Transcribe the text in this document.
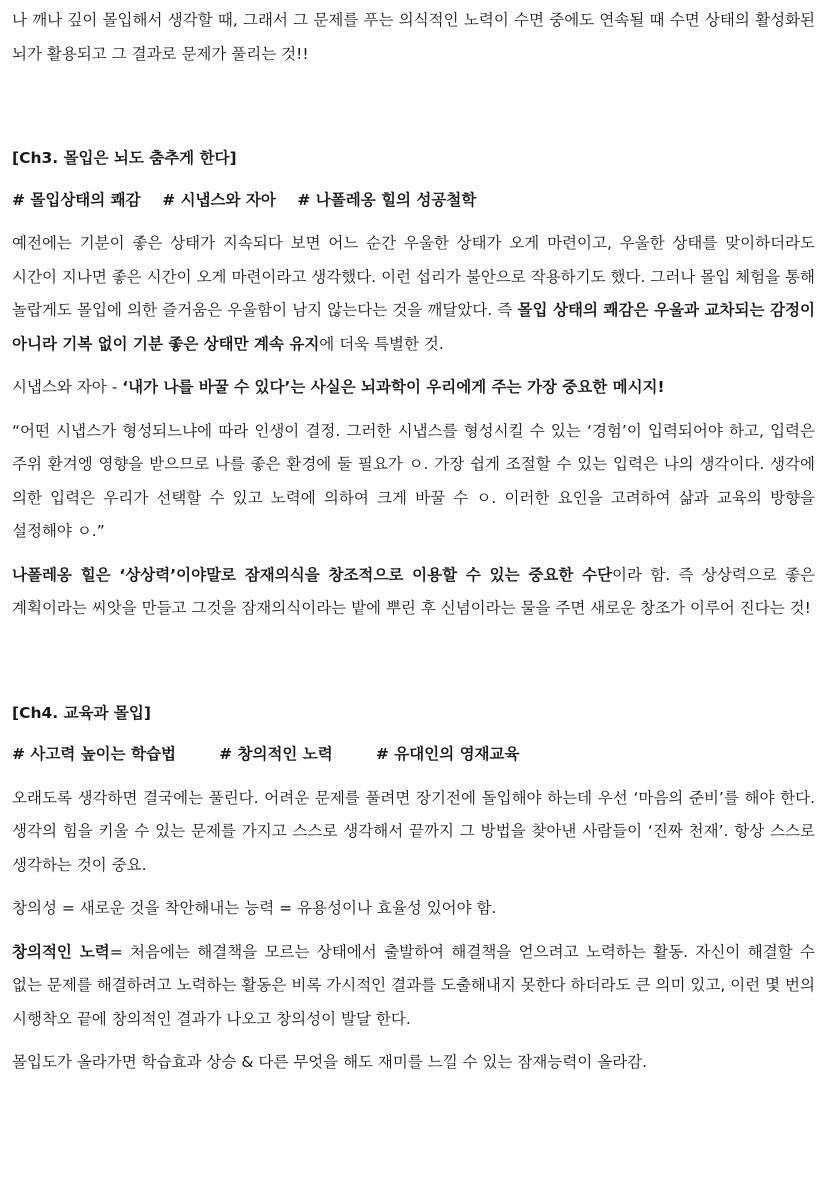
나 깨나 깊이 몰입해서 생각할 때, 그래서 그 문제를 푸는 의식적인 노력이 수면 중에도 연속될 때 수면 상태의 활성화된 뇌가 활용되고 그 결과로 문제가 풀리는 것!!

[Ch3. 몰입은 뇌도 춤추게 한다]

# 몰입상태의 쾌감 # 시냅스와 자아 # 나폴레옹 힐의 성공철학

예전에는 기분이 좋은 상태가 지속되다 보면 어느 순간 우울한 상태가 오게 마련이고, 우울한 상태를 맞이하더라도 시간이 지나면 좋은 시간이 오게 마련이라고 생각했다. 이런 섭리가 불안으로 작용하기도 했다. 그러나 몰입 체험을 통해 놀랍게도 몰입에 의한 즐거움은 우울함이 남지 않는다는 것을 깨달았다. 즉 몰입 상태의 쾌감은 우울과 교차되는 감정이 아니라 기복 없이 기분 좋은 상태만 계속 유지에 더욱 특별한 것.

시냅스와 자아 - ‘내가 나를 바꿀 수 있다’는 사실은 뇌과학이 우리에게 주는 가장 중요한 메시지!

“어떤 시냅스가 형성되느냐에 따라 인생이 결정. 그러한 시냅스를 형성시킬 수 있는 ‘경험’이 입력되어야 하고, 입력은 주위 환겨엥 영향을 받으므로 나를 좋은 환경에 둘 필요가 ㅇ. 가장 쉽게 조절할 수 있는 입력은 나의 생각이다. 생각에 의한 입력은 우리가 선택할 수 있고 노력에 의하여 크게 바꿀 수 ㅇ. 이러한 요인을 고려하여 삶과 교육의 방향을 설정해야 ㅇ.”

나폴레옹 힐은 ‘상상력’이야말로 잠재의식을 창조적으로 이용할 수 있는 중요한 수단이라 함. 즉 상상력으로 좋은 계획이라는 씨앗을 만들고 그것을 잠재의식이라는 밭에 뿌린 후 신념이라는 물을 주면 새로운 창조가 이루어 진다는 것!

[Ch4. 교육과 몰입]

# 사고력 높이는 학습법	# 창의적인 노력	# 유대인의 영재교육

오래도록 생각하면 결국에는 풀린다. 어려운 문제를 풀려면 장기전에 돌입해야 하는데 우선 ‘마음의 준비’를 해야 한다. 생각의 힘을 키울 수 있는 문제를 가지고 스스로 생각해서 끝까지 그 방법을 찾아낸 사람들이 ‘진짜 천재’. 항상 스스로 생각하는 것이 중요.

창의성 = 새로운 것을 착안해내는 능력 = 유용성이나 효율성 있어야 함.

창의적인 노력= 처음에는 해결책을 모르는 상태에서 출발하여 해결책을 얻으려고 노력하는 활동. 자신이 해결할 수 없는 문제를 해결하려고 노력하는 활동은 비록 가시적인 결과를 도출해내지 못한다 하더라도 큰 의미 있고, 이런 몇 번의 시행착오 끝에 창의적인 결과가 나오고 창의성이 발달 한다.

몰입도가 올라가면 학습효과 상승 & 다른 무엇을 해도 재미를 느낄 수 있는 잠재능력이 올라감.
